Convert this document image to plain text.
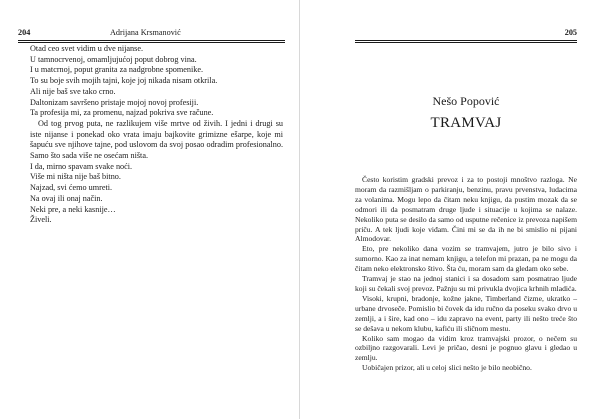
204	Adrijana Krsmanović
Otad ceo svet vidim u dve nijanse.
U tamnocrvenoj, omamljujućoj poput dobrog vina.
I u matcrnoj, poput granita za nadgrobne spomenike.
To su boje svih mojih tajni, koje joj nikada nisam otkrila.
Ali nije baš sve tako crno.
Daltonizam savršeno pristaje mojoj novoj profesiji.
Ta profesija mi, za promenu, najzad pokriva sve račune.
Od tog prvog puta, ne razlikujem više mrtve od živih. I jedni i drugi su iste nijanse i ponekad oko vrata imaju bajkovite grimizne ešarpe, koje mi šapuću sve njihove tajne, pod uslovom da svoj posao odradim profesionalno. Samo što sada više ne osećam ništa.
I da, mirno spavam svake noći.
Više mi ništa nije baš bitno.
Najzad, svi ćemo umreti.
Na ovaj ili onaj način.
Neki pre, a neki kasnije…
Živeli.
205
Nešo Popović
TRAMVAJ

Često koristim gradski prevoz i za to postoji mnoštvo razloga. Ne moram da razmišljam o parkiranju, benzinu, pravu prvenstva, ludacima za volanima. Mogu lepo da čitam neku knjigu, da pustim mozak da se odmori ili da posmatram druge ljude i situacije u kojima se nalaze. Nekoliko puta se desilo da samo od usputne rečenice iz prevoza napišem priču. A tek ljudi koje viđam. Čini mi se da ih ne bi smislio ni pijani Almodovar.

Eto, pre nekoliko dana vozim se tramvajem, jutro je bilo sivo i sumorno. Kao za inat nemam knjigu, a telefon mi prazan, pa ne mogu da čitam neko elektronsko štivo. Šta ću, moram sam da gledam oko sebe.

Tramvaj je stao na jednoj stanici i sa dosadom sam posmatrao ljude koji su čekali svoj prevoz. Pažnju su mi privukla dvojica krhnih mladića.

Visoki, krupni, bradonje, kožne jakne, Timberland čizme, ukratko – urbane drvoseče. Pomislio bi čovek da idu ručno da poseku svako drvo u zemlji, a i šire, kad ono – idu zapravo na event, party ili nešto treće što se dešava u nekom klubu, kafiću ili sličnom mestu.

Koliko sam mogao da vidim kroz tramvajski prozor, o nečem su ozbiljno razgovarali. Levi je pričao, desni je pognuo glavu i gledao u zemlju.

Uobičajen prizor, ali u celoj slici nešto je bilo neobično.
